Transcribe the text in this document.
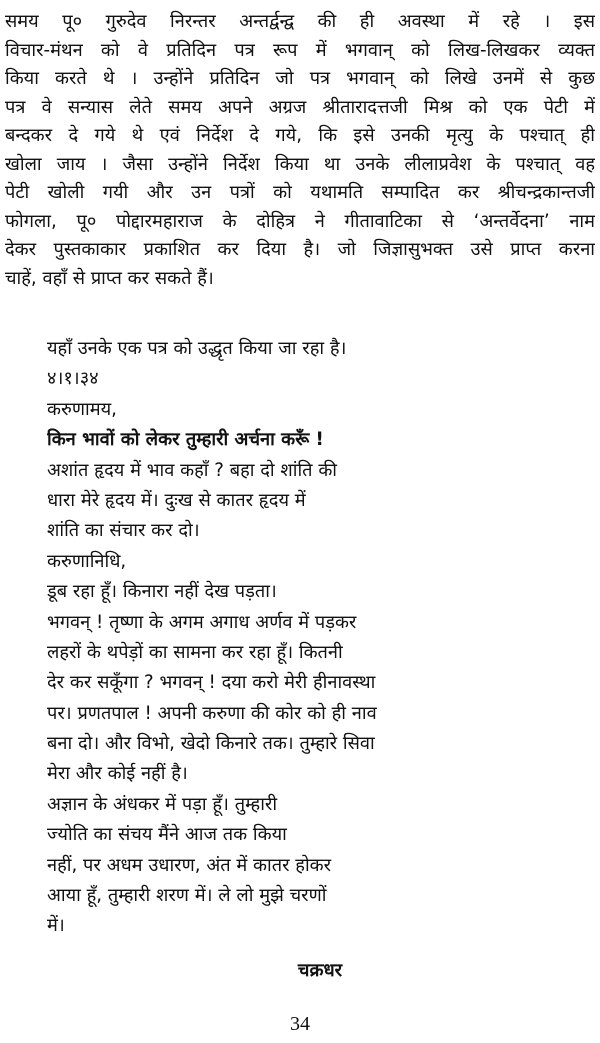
समय पू० गुरुदेव निरन्तर अन्तर्द्वन्द्व की ही अवस्था में रहे । इस
विचार-मंथन को वे प्रतिदिन पत्र रूप में भगवान् को लिख-लिखकर व्यक्त
किया करते थे । उन्होंने प्रतिदिन जो पत्र भगवान् को लिखे उनमें से कुछ
पत्र वे सन्यास लेते समय अपने अग्रज श्रीतारादत्तजी मिश्र को एक पेटी में
बन्दकर दे गये थे एवं निर्देश दे गये, कि इसे उनकी मृत्यु के पश्चात् ही
खोला जाय । जैसा उन्होंने निर्देश किया था उनके लीलाप्रवेश के पश्चात् वह
पेटी खोली गयी और उन पत्रों को यथामति सम्पादित कर श्रीचन्द्रकान्तजी
फोगला, पू० पोद्दारमहाराज के दोहित्र ने गीतावाटिका से ‘अन्तर्वेदना’ नाम
देकर पुस्तकाकार प्रकाशित कर दिया है। जो जिज्ञासुभक्त उसे प्राप्त करना
चाहें, वहाँ से प्राप्त कर सकते हैं।
यहाँ उनके एक पत्र को उद्धृत किया जा रहा है।
४।१।३४
करुणामय,
किन भावों को लेकर तुम्हारी अर्चना करूँ !
अशांत हृदय में भाव कहाँ ? बहा दो शांति की
धारा मेरे हृदय में। दुःख से कातर हृदय में
शांति का संचार कर दो।
करुणानिधि,
डूब रहा हूँ। किनारा नहीं देख पड़ता।
भगवन् ! तृष्णा के अगम अगाध अर्णव में पड़कर
लहरों के थपेड़ों का सामना कर रहा हूँ। कितनी
देर कर सकूँगा ? भगवन् ! दया करो मेरी हीनावस्था
पर। प्रणतपाल ! अपनी करुणा की कोर को ही नाव
बना दो। और विभो, खेदो किनारे तक। तुम्हारे सिवा
मेरा और कोई नहीं है।
अज्ञान के अंधकर में पड़ा हूँ। तुम्हारी
ज्योति का संचय मैंने आज तक किया
नहीं, पर अधम उधारण, अंत में कातर होकर
आया हूँ, तुम्हारी शरण में। ले लो मुझे चरणों
में।
चक्रधर
34
